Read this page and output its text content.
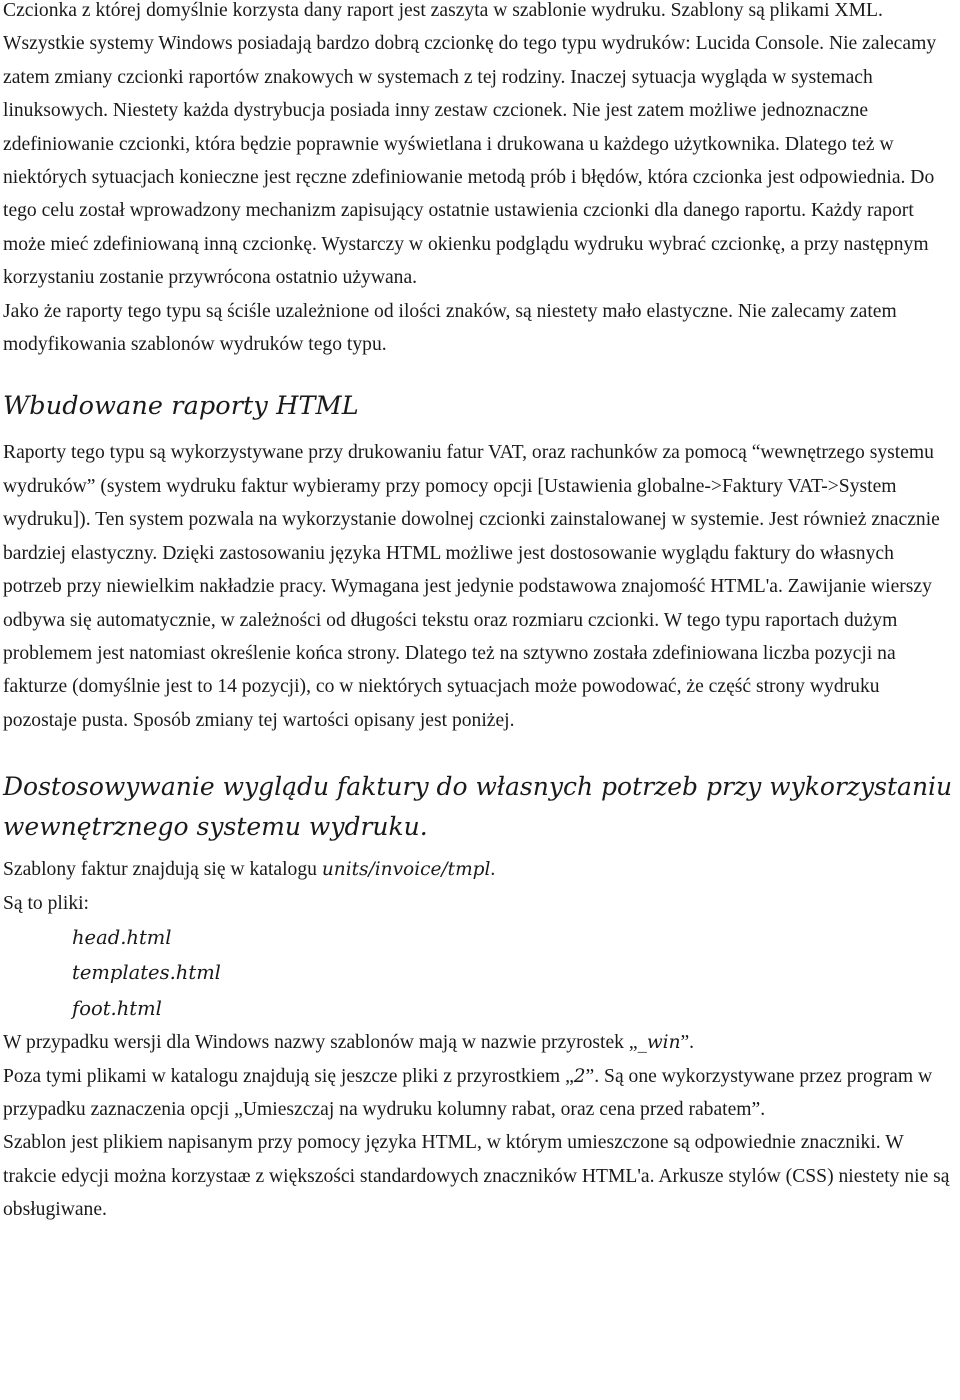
Czcionka z której domyślnie korzysta dany raport jest zaszyta w szablonie wydruku. Szablony są plikami XML. Wszystkie systemy Windows posiadają bardzo dobrą czcionkę do tego typu wydruków: Lucida Console. Nie zalecamy zatem zmiany czcionki raportów znakowych w systemach z tej rodziny. Inaczej sytuacja wygląda w systemach linuksowych. Niestety każda dystrybucja posiada inny zestaw czcionek. Nie jest zatem możliwe jednoznaczne zdefiniowanie czcionki, która będzie poprawnie wyświetlana i drukowana u każdego użytkownika. Dlatego też w niektórych sytuacjach konieczne jest ręczne zdefiniowanie metodą prób i błędów, która czcionka jest odpowiednia. Do tego celu został wprowadzony mechanizm zapisujący ostatnie ustawienia czcionki dla danego raportu. Każdy raport może mieć zdefiniowaną inną czcionkę. Wystarczy w okienku podglądu wydruku wybrać czcionkę, a przy następnym korzystaniu zostanie przywrócona ostatnio używana.

Jako że raporty tego typu są ściśle uzależnione od ilości znaków, są niestety mało elastyczne. Nie zalecamy zatem modyfikowania szablonów wydruków tego typu.

Wbudowane raporty HTML

Raporty tego typu są wykorzystywane przy drukowaniu fatur VAT, oraz rachunków za pomocą “wewnętrzego systemu wydruków” (system wydruku faktur wybieramy przy pomocy opcji [Ustawienia globalne->Faktury VAT->System wydruku]). Ten system pozwala na wykorzystanie dowolnej czcionki zainstalowanej w systemie. Jest również znacznie bardziej elastyczny. Dzięki zastosowaniu języka HTML możliwe jest dostosowanie wyglądu faktury do własnych potrzeb przy niewielkim nakładzie pracy. Wymagana jest jedynie podstawowa znajomość HTML'a. Zawijanie wierszy odbywa się automatycznie, w zależności od długości tekstu oraz rozmiaru czcionki. W tego typu raportach dużym problemem jest natomiast określenie końca strony. Dlatego też na sztywno została zdefiniowana liczba pozycji na fakturze (domyślnie jest to 14 pozycji), co w niektórych sytuacjach może powodować, że część strony wydruku pozostaje pusta. Sposób zmiany tej wartości opisany jest poniżej.

Dostosowywanie wyglądu faktury do własnych potrzeb przy wykorzystaniu wewnętrznego systemu wydruku.

Szablony faktur znajdują się w katalogu units/invoice/tmpl.

Są to pliki:

head.html
templates.html
foot.html

W przypadku wersji dla Windows nazwy szablonów mają w nazwie przyrostek „_win”.

Poza tymi plikami w katalogu znajdują się jeszcze pliki z przyrostkiem „2”. Są one wykorzystywane przez program w przypadku zaznaczenia opcji „Umieszczaj na wydruku kolumny rabat, oraz cena przed rabatem”.

Szablon jest plikiem napisanym przy pomocy języka HTML, w którym umieszczone są odpowiednie znaczniki. W trakcie edycji można korzystaæ z większości standardowych znaczników HTML'a. Arkusze stylów (CSS) niestety nie są obsługiwane.
